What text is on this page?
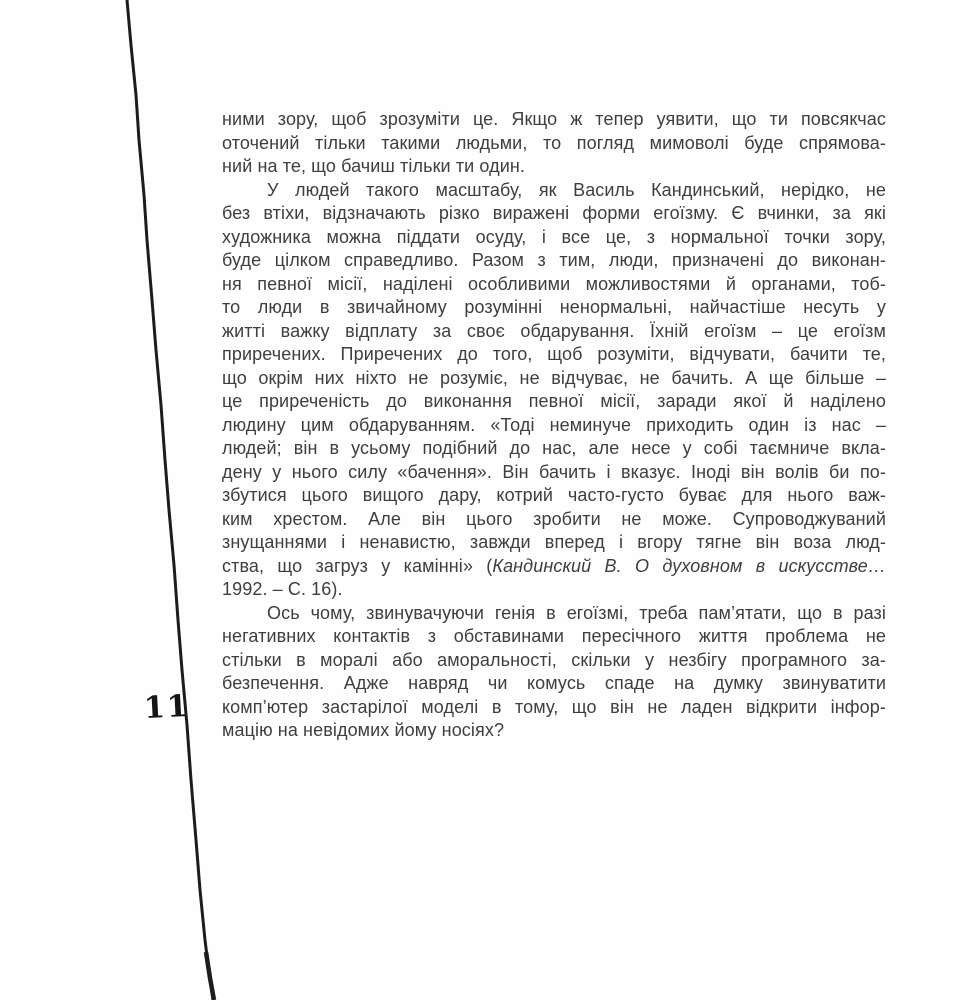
11
ними зору, щоб зрозуміти це. Якщо ж тепер уявити, що ти повсякчас
оточений тільки такими людьми, то погляд мимоволі буде спрямова-
ний на те, що бачиш тільки ти один.
У людей такого масштабу, як Василь Кандинський, нерідко, не
без втіхи, відзначають різко виражені форми егоїзму. Є вчинки, за які
художника можна піддати осуду, і все це, з нормальної точки зору,
буде цілком справедливо. Разом з тим, люди, призначені до виконан-
ня певної місії, наділені особливими можливостями й органами, тоб-
то люди в звичайному розумінні ненормальні, найчастіше несуть у
житті важку відплату за своє обдарування. Їхній егоїзм – це егоїзм
приречених. Приречених до того, щоб розуміти, відчувати, бачити те,
що окрім них ніхто не розуміє, не відчуває, не бачить. А ще більше –
це приреченість до виконання певної місії, заради якої й наділено
людину цим обдаруванням. «Тоді неминуче приходить один із нас –
людей; він в усьому подібний до нас, але несе у собі таємниче вкла-
дену у нього силу «бачення». Він бачить і вказує. Іноді він волів би по-
збутися цього вищого дару, котрий часто-густо буває для нього важ-
ким хрестом. Але він цього зробити не може. Супроводжуваний
знущаннями і ненавистю, завжди вперед і вгору тягне він воза люд-
ства, що загруз у камінні» (Кандинский В. О духовном в искусстве…
1992. – С. 16).
Ось чому, звинувачуючи генія в егоїзмі, треба пам’ятати, що в разі
негативних контактів з обставинами пересічного життя проблема не
стільки в моралі або аморальності, скільки у незбігу програмного за-
безпечення. Адже навряд чи комусь спаде на думку звинуватити
комп’ютер застарілої моделі в тому, що він не ладен відкрити інфор-
мацію на невідомих йому носіях?
